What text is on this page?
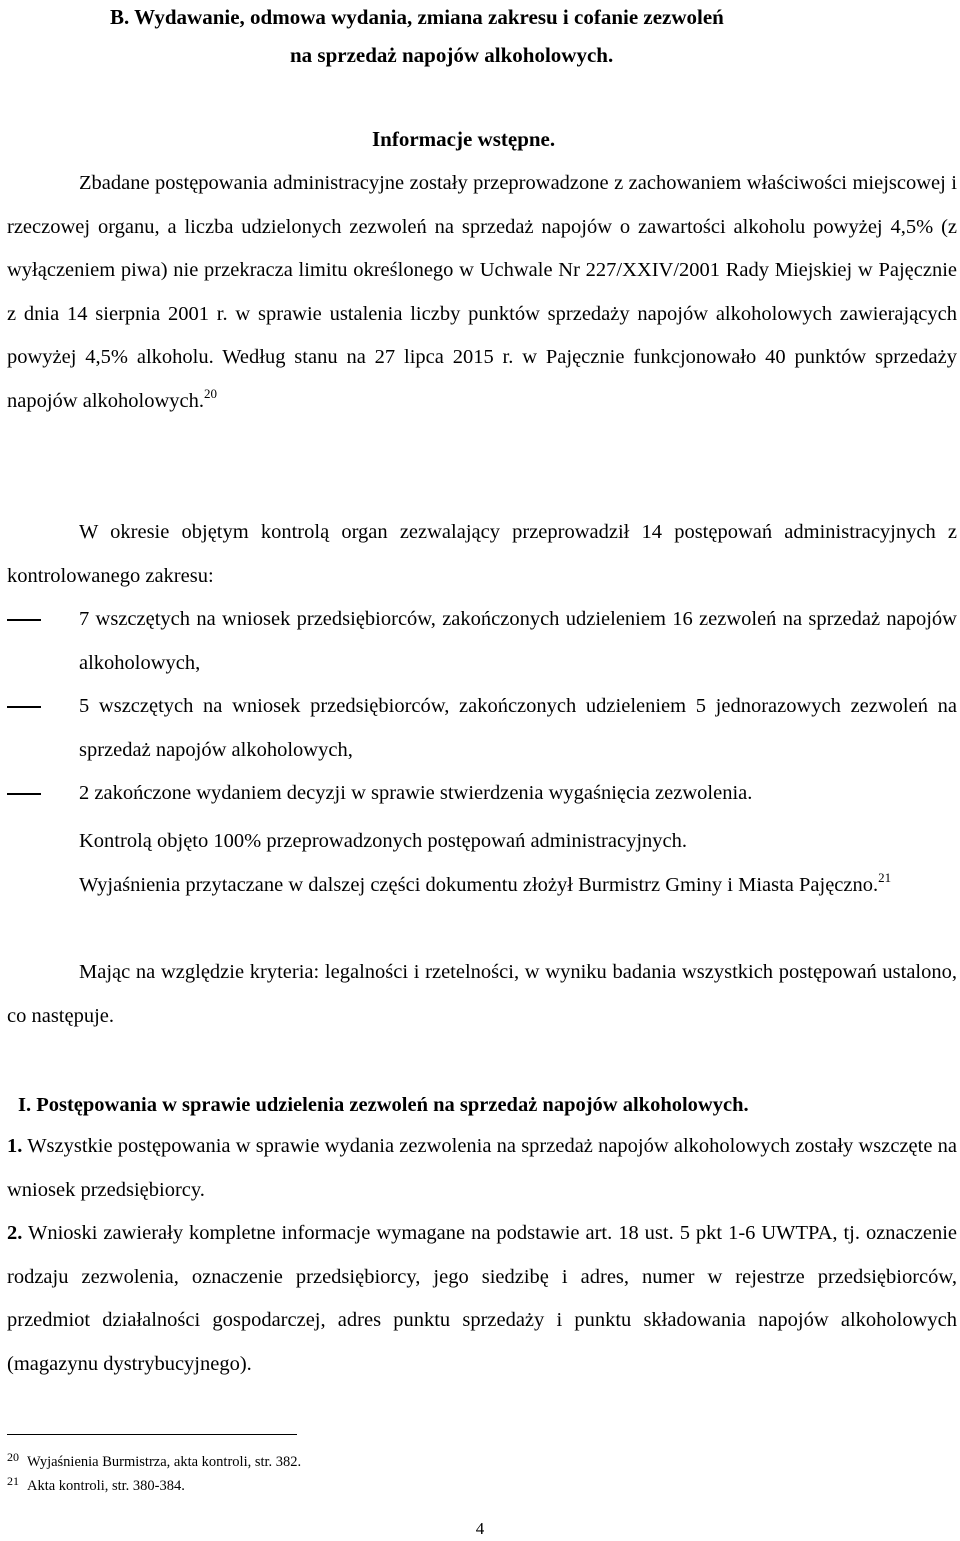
B. Wydawanie, odmowa wydania, zmiana zakresu i cofanie zezwoleń
na sprzedaż napojów alkoholowych.
Informacje wstępne.

Zbadane postępowania administracyjne zostały przeprowadzone z zachowaniem właściwości miejscowej i rzeczowej organu, a liczba udzielonych zezwoleń na sprzedaż napojów o zawartości alkoholu powyżej 4,5% (z wyłączeniem piwa) nie przekracza limitu określonego w Uchwale Nr 227/XXIV/2001 Rady Miejskiej w Pajęcznie z dnia 14 sierpnia 2001 r. w sprawie ustalenia liczby punktów sprzedaży napojów alkoholowych zawierających powyżej 4,5% alkoholu. Według stanu na 27 lipca 2015 r. w Pajęcznie funkcjonowało 40 punktów sprzedaży napojów alkoholowych.$^{20}$

W okresie objętym kontrolą organ zezwalający przeprowadził 14 postępowań administracyjnych z kontrolowanego zakresu:

7 wszczętych na wniosek przedsiębiorców, zakończonych udzieleniem 16 zezwoleń na sprzedaż napojów alkoholowych,
5 wszczętych na wniosek przedsiębiorców, zakończonych udzieleniem 5 jednorazowych zezwoleń na sprzedaż napojów alkoholowych,
2 zakończone wydaniem decyzji w sprawie stwierdzenia wygaśnięcia zezwolenia.

Kontrolą objęto 100% przeprowadzonych postępowań administracyjnych.

Wyjaśnienia przytaczane w dalszej części dokumentu złożył Burmistrz Gminy i Miasta Pajęczno.$^{21}$

Mając na względzie kryteria: legalności i rzetelności, w wyniku badania wszystkich postępowań ustalono, co następuje.

I. Postępowania w sprawie udzielenia zezwoleń na sprzedaż napojów alkoholowych.

1. Wszystkie postępowania w sprawie wydania zezwolenia na sprzedaż napojów alkoholowych zostały wszczęte na wniosek przedsiębiorcy.

2. Wnioski zawierały kompletne informacje wymagane na podstawie art. 18 ust. 5 pkt 1-6 UWTPA, tj. oznaczenie rodzaju zezwolenia, oznaczenie przedsiębiorcy, jego siedzibę i adres, numer w rejestrze przedsiębiorców, przedmiot działalności gospodarczej, adres punktu sprzedaży i punktu składowania napojów alkoholowych (magazynu dystrybucyjnego).

$^{20}$ Wyjaśnienia Burmistrza, akta kontroli, str. 382.

$^{21}$ Akta kontroli, str. 380-384.

4
